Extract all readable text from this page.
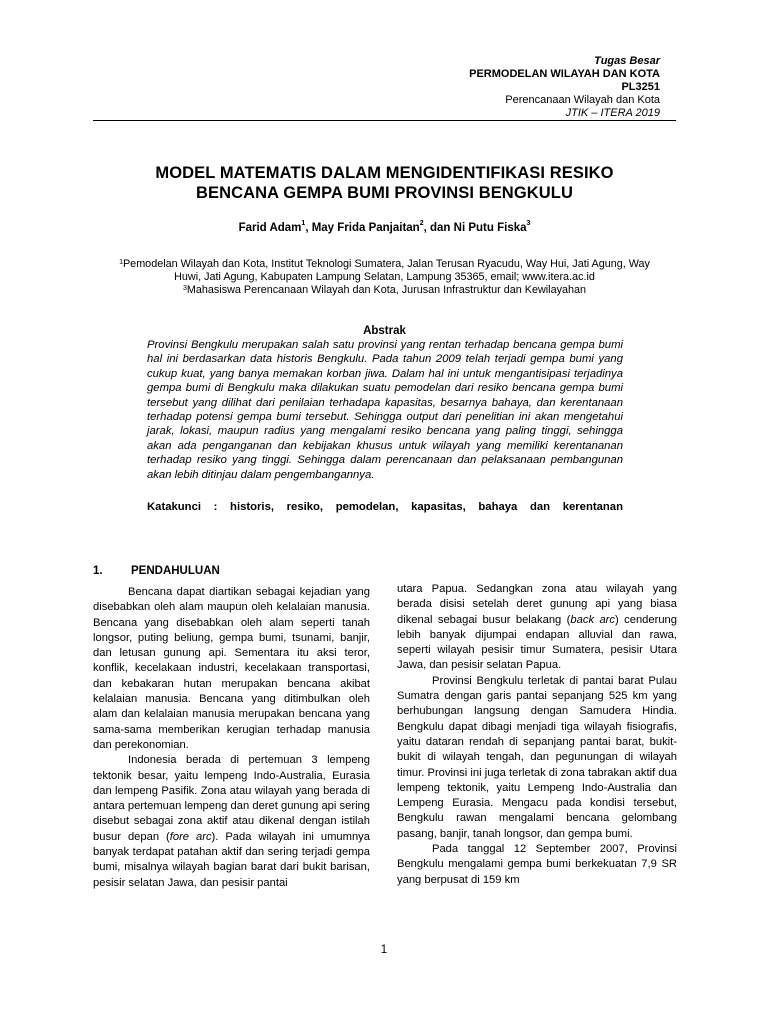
Tugas Besar
PERMODELAN WILAYAH DAN KOTA
PL3251
Perencanaan Wilayah dan Kota
JTIK – ITERA 2019
MODEL MATEMATIS DALAM MENGIDENTIFIKASI RESIKO
BENCANA GEMPA BUMI PROVINSI BENGKULU
Farid Adam$^1$, May Frida Panjaitan$^2$, dan Ni Putu Fiska$^3$
$^1$Pemodelan Wilayah dan Kota, Institut Teknologi Sumatera, Jalan Terusan Ryacudu, Way Hui, Jati Agung, Way Huwi, Jati Agung, Kabupaten Lampung Selatan, Lampung 35365, email; www.itera.ac.id
$^3$Mahasiswa Perencanaan Wilayah dan Kota, Jurusan Infrastruktur dan Kewilayahan
Abstrak
Provinsi Bengkulu merupakan salah satu provinsi yang rentan terhadap bencana gempa bumi hal ini berdasarkan data historis Bengkulu. Pada tahun 2009 telah terjadi gempa bumi yang cukup kuat, yang banya memakan korban jiwa. Dalam hal ini untuk mengantisipasi terjadinya gempa bumi di Bengkulu maka dilakukan suatu pemodelan dari resiko bencana gempa bumi tersebut yang dilihat dari penilaian terhadapa kapasitas, besarnya bahaya, dan kerentanaan terhadap potensi gempa bumi tersebut. Sehingga output dari penelitian ini akan mengetahui jarak, lokasi, maupun radius yang mengalami resiko bencana yang paling tinggi, sehingga akan ada penganganan dan kebijakan khusus untuk wilayah yang memiliki kerentananan terhadap resiko yang tinggi. Sehingga dalam perencanaan dan pelaksanaan pembangunan akan lebih ditinjau dalam pengembangannya.
Katakunci : historis, resiko, pemodelan, kapasitas, bahaya dan kerentanan
1. PENDAHULUAN

Bencana dapat diartikan sebagai kejadian yang disebabkan oleh alam maupun oleh kelalaian manusia. Bencana yang disebabkan oleh alam seperti tanah longsor, puting beliung, gempa bumi, tsunami, banjir, dan letusan gunung api. Sementara itu aksi teror, konflik, kecelakaan industri, kecelakaan transportasi, dan kebakaran hutan merupakan bencana akibat kelalaian manusia. Bencana yang ditimbulkan oleh alam dan kelalaian manusia merupakan bencana yang sama-sama memberikan kerugian terhadap manusia dan perekonomian.

Indonesia berada di pertemuan 3 lempeng tektonik besar, yaitu lempeng Indo-Australia, Eurasia dan lempeng Pasifik. Zona atau wilayah yang berada di antara pertemuan lempeng dan deret gunung api sering disebut sebagai zona aktif atau dikenal dengan istilah busur depan (fore arc). Pada wilayah ini umumnya banyak terdapat patahan aktif dan sering terjadi gempa bumi, misalnya wilayah bagian barat dari bukit barisan, pesisir selatan Jawa, dan pesisir pantai

utara Papua. Sedangkan zona atau wilayah yang berada disisi setelah deret gunung api yang biasa dikenal sebagai busur belakang (back arc) cenderung lebih banyak dijumpai endapan alluvial dan rawa, seperti wilayah pesisir timur Sumatera, pesisir Utara Jawa, dan pesisir selatan Papua.

Provinsi Bengkulu terletak di pantai barat Pulau Sumatra dengan garis pantai sepanjang 525 km yang berhubungan langsung dengan Samudera Hindia. Bengkulu dapat dibagi menjadi tiga wilayah fisiografis, yaitu dataran rendah di sepanjang pantai barat, bukit-bukit di wilayah tengah, dan pegunungan di wilayah timur. Provinsi ini juga terletak di zona tabrakan aktif dua lempeng tektonik, yaitu Lempeng Indo-Australia dan Lempeng Eurasia. Mengacu pada kondisi tersebut, Bengkulu rawan mengalami bencana gelombang pasang, banjir, tanah longsor, dan gempa bumi.

Pada tanggal 12 September 2007, Provinsi Bengkulu mengalami gempa bumi berkekuatan 7,9 SR yang berpusat di 159 km

1
